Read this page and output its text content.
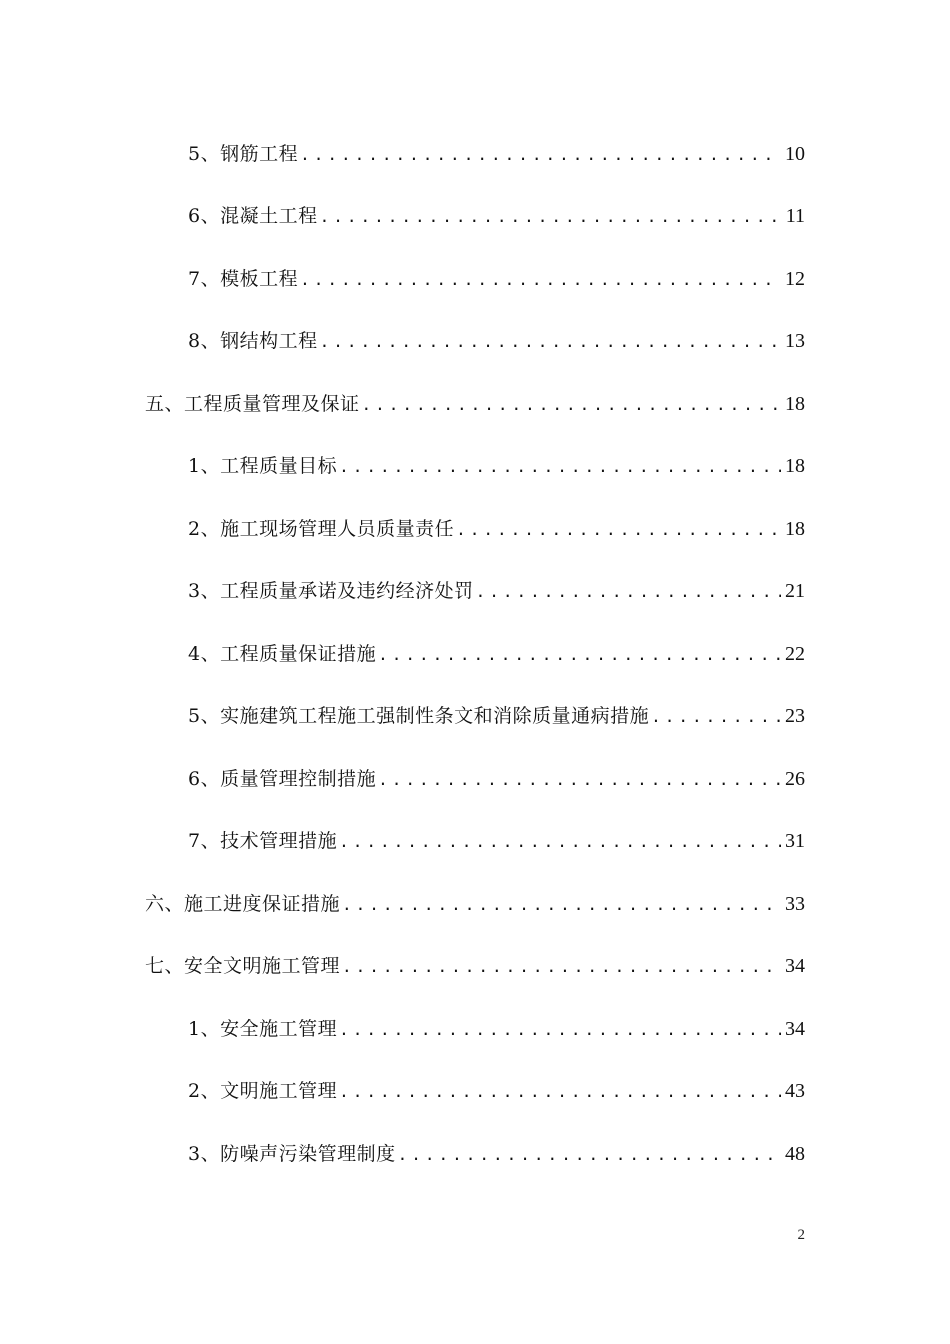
5、钢筋工程 .....	10
6、混凝土工程 .....	11
7、模板工程 .....	12
8、钢结构工程 .....	13
五、工程质量管理及保证 .....	18
1、工程质量目标 .....	18
2、施工现场管理人员质量责任 .....	18
3、工程质量承诺及违约经济处罚 .....	21
4、工程质量保证措施 .....	22
5、实施建筑工程施工强制性条文和消除质量通病措施 .....	23
6、质量管理控制措施 .....	26
7、技术管理措施 .....	31
六、施工进度保证措施 .....	33
七、安全文明施工管理 .....	34
1、安全施工管理 .....	34
2、文明施工管理 .....	43
3、防噪声污染管理制度 .....	48
2
